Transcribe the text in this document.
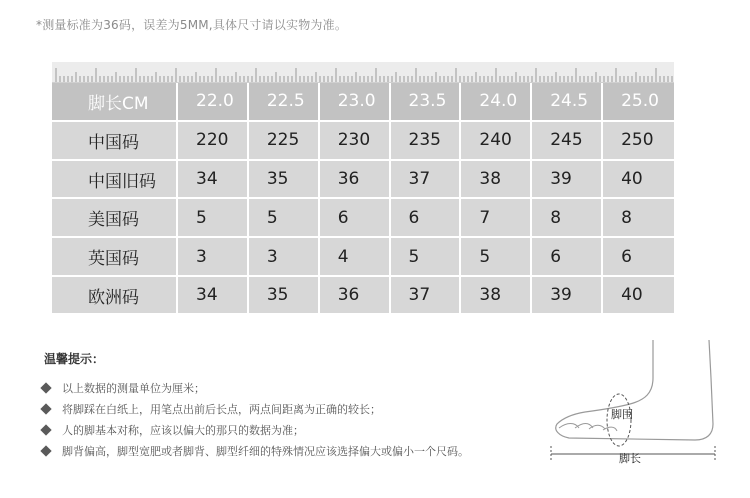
*测量标准为36码，误差为5MM,具体尺寸请以实物为准。
脚长CM	22.0	22.5	23.0	23.5	24.0	24.5	25.0
中国码	220	225	230	235	240	245	250
中国旧码	34	35	36	37	38	39	40
美国码	5	5	6	6	7	8	8
英国码	3	3	4	5	5	6	6
欧洲码	34	35	36	37	38	39	40
温馨提示：
以上数据的测量单位为厘米；
将脚踩在白纸上，用笔点出前后长点，两点间距离为正确的较长；
人的脚基本对称，应该以偏大的那只的数据为准；
脚背偏高，脚型宽肥或者脚背、脚型纤细的特殊情况应该选择偏大或偏小一个尺码。
脚围
脚长
